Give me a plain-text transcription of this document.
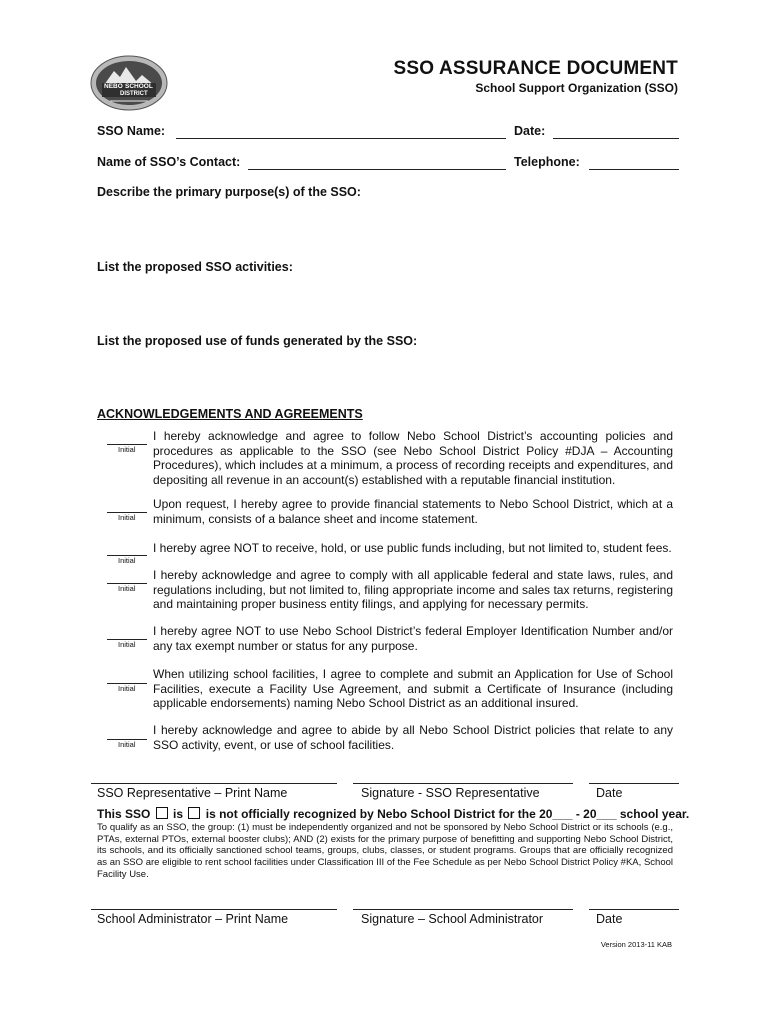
NEBO SCHOOL
DISTRICT
SSO ASSURANCE DOCUMENT
School Support Organization (SSO)
SSO Name:	Date:
Name of SSO’s Contact:	Telephone:
Describe the primary purpose(s) of the SSO:
List the proposed SSO activities:
List the proposed use of funds generated by the SSO:
ACKNOWLEDGEMENTS AND AGREEMENTS
Initial
I hereby acknowledge and agree to follow Nebo School District’s accounting policies and procedures as applicable to the SSO (see Nebo School District Policy #DJA – Accounting Procedures), which includes at a minimum, a process of recording receipts and expenditures, and depositing all revenue in an account(s) established with a reputable financial institution.
Initial
Upon request, I hereby agree to provide financial statements to Nebo School District, which at a minimum, consists of a balance sheet and income statement.
Initial
I hereby agree NOT to receive, hold, or use public funds including, but not limited to, student fees.
Initial
I hereby acknowledge and agree to comply with all applicable federal and state laws, rules, and regulations including, but not limited to, filing appropriate income and sales tax returns, registering and maintaining proper business entity filings, and applying for necessary permits.
Initial
I hereby agree NOT to use Nebo School District’s federal Employer Identification Number and/or any tax exempt number or status for any purpose.
Initial
When utilizing school facilities, I agree to complete and submit an Application for Use of School Facilities, execute a Facility Use Agreement, and submit a Certificate of Insurance (including applicable endorsements) naming Nebo School District as an additional insured.
Initial
I hereby acknowledge and agree to abide by all Nebo School District policies that relate to any SSO activity, event, or use of school facilities.
SSO Representative – Print Name	Signature - SSO Representative	Date
This SSO is is not officially recognized by Nebo School District for the 20___ - 20___ school year.
To qualify as an SSO, the group: (1) must be independently organized and not be sponsored by Nebo School District or its schools (e.g., PTAs, external PTOs, external booster clubs); AND (2) exists for the primary purpose of benefitting and supporting Nebo School District, its schools, and its officially sanctioned school teams, groups, clubs, classes, or student programs. Groups that are officially recognized as an SSO are eligible to rent school facilities under Classification III of the Fee Schedule as per Nebo School District Policy #KA, School Facility Use.
School Administrator – Print Name	Signature – School Administrator	Date
Version 2013-11 KAB
